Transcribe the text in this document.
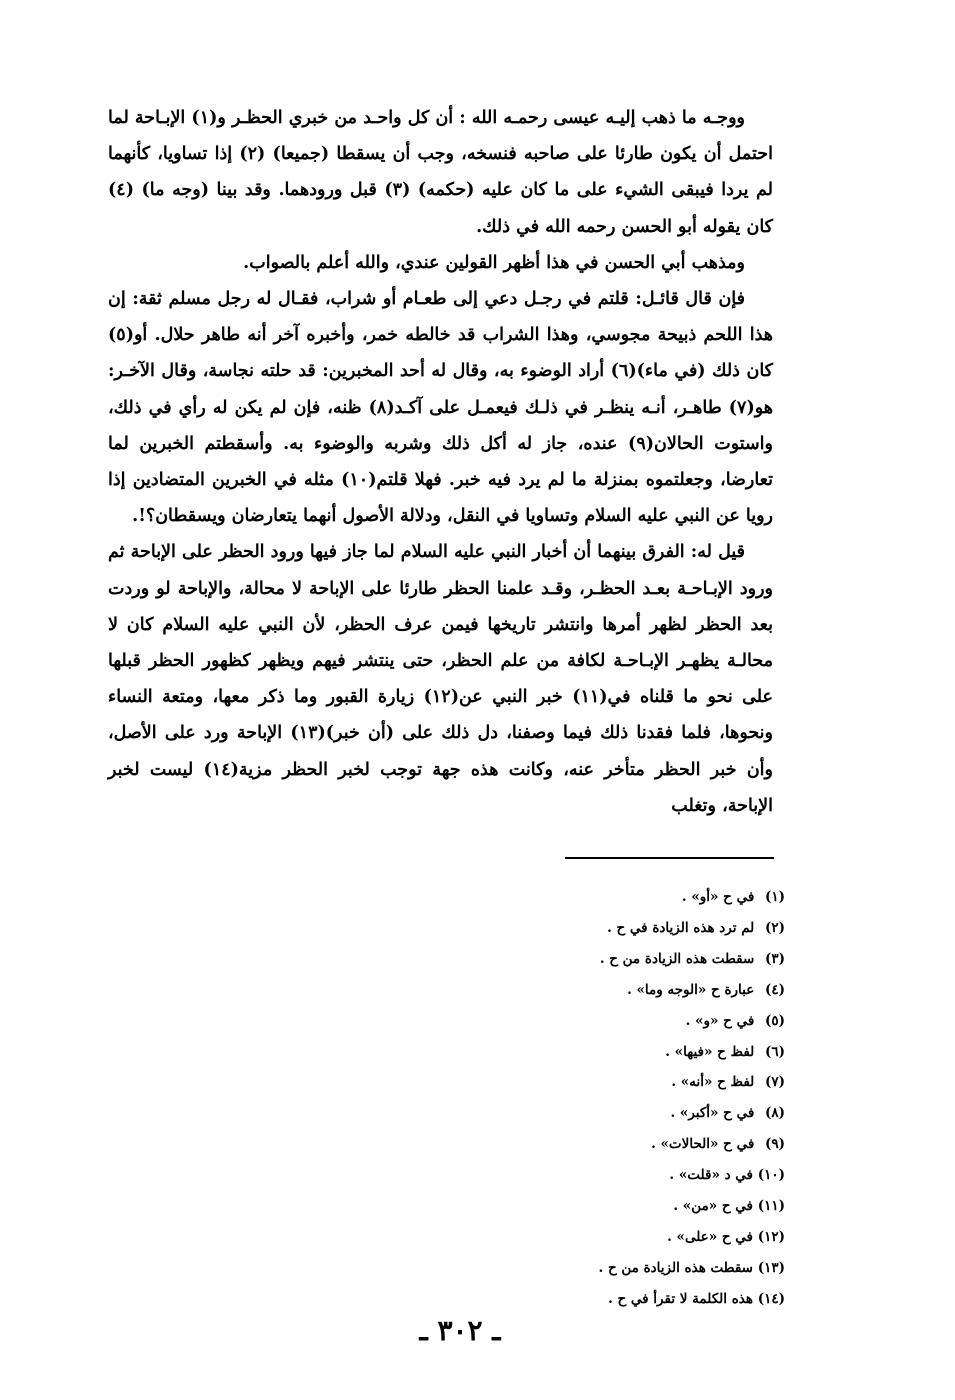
ووجـه ما ذهب إليـه عيسى رحمـه الله : أن كل واحـد من خبري الحظـر و(١) الإبـاحة لما احتمل أن يكون طارئا على صاحبه فنسخه، وجب أن يسقطا (جميعا) (٢) إذا تساويا، كأنهما لم يردا فيبقى الشيء على ما كان عليه (حكمه) (٣) قبل ورودهما. وقد بينا (وجه ما) (٤) كان يقوله أبو الحسن رحمه الله في ذلك.

ومذهب أبي الحسن في هذا أظهر القولين عندي، والله أعلم بالصواب.

فإن قال قائـل: قلتم في رجـل دعي إلى طعـام أو شراب، فقـال له رجل مسلم ثقة: إن هذا اللحم ذبيحة مجوسي، وهذا الشراب قد خالطه خمر، وأخبره آخر أنه طاهر حلال. أو(٥) كان ذلك (في ماء)(٦) أراد الوضوء به، وقال له أحد المخبرين: قد حلته نجاسة، وقال الآخـر: هو(٧) طاهـر، أنـه ينظـر في ذلـك فيعمـل على آكـد(٨) ظنه، فإن لم يكن له رأي في ذلك، واستوت الحالان(٩) عنده، جاز له أكل ذلك وشربه والوضوء به. وأسقطتم الخبرين لما تعارضا، وجعلتموه بمنزلة ما لم يرد فيه خبر. فهلا قلتم(١٠) مثله في الخبرين المتضادين إذا رويا عن النبي عليه السلام وتساويا في النقل، ودلالة الأصول أنهما يتعارضان ويسقطان؟!.

قيل له: الفرق بينهما أن أخبار النبي عليه السلام لما جاز فيها ورود الحظر على الإباحة ثم ورود الإبـاحـة بعـد الحظـر، وقـد علمنا الحظر طارئا على الإباحة لا محالة، والإباحة لو وردت بعد الحظر لظهر أمرها وانتشر تاريخها فيمن عرف الحظر، لأن النبي عليه السلام كان لا محالـة يظهـر الإبـاحـة لكافة من علم الحظر، حتى ينتشر فيهم ويظهر كظهور الحظر قبلها على نحو ما قلناه في(١١) خبر النبي عن(١٢) زيارة القبور وما ذكر معها، ومتعة النساء ونحوها، فلما فقدنا ذلك فيما وصفنا، دل ذلك على (أن خبر)(١٣) الإباحة ورد على الأصل، وأن خبر الحظر متأخر عنه، وكانت هذه جهة توجب لخبر الحظر مزية(١٤) ليست لخبر الإباحة، وتغلب

(١) في ح «أو» .
(٢) لم ترد هذه الزيادة في ح .
(٣) سقطت هذه الزيادة من ح .
(٤) عبارة ح «الوجه وما» .
(٥) في ح «و» .
(٦) لفظ ح «فيها» .
(٧) لفظ ح «أنه» .
(٨) في ح «أكبر» .
(٩) في ح «الحالات» .
(١٠) في د «قلت» .
(١١) في ح «من» .
(١٢) في ح «على» .
(١٣) سقطت هذه الزيادة من ح .
(١٤) هذه الكلمة لا تقرأ في ح .
ـ ٣٠٢ ـ
